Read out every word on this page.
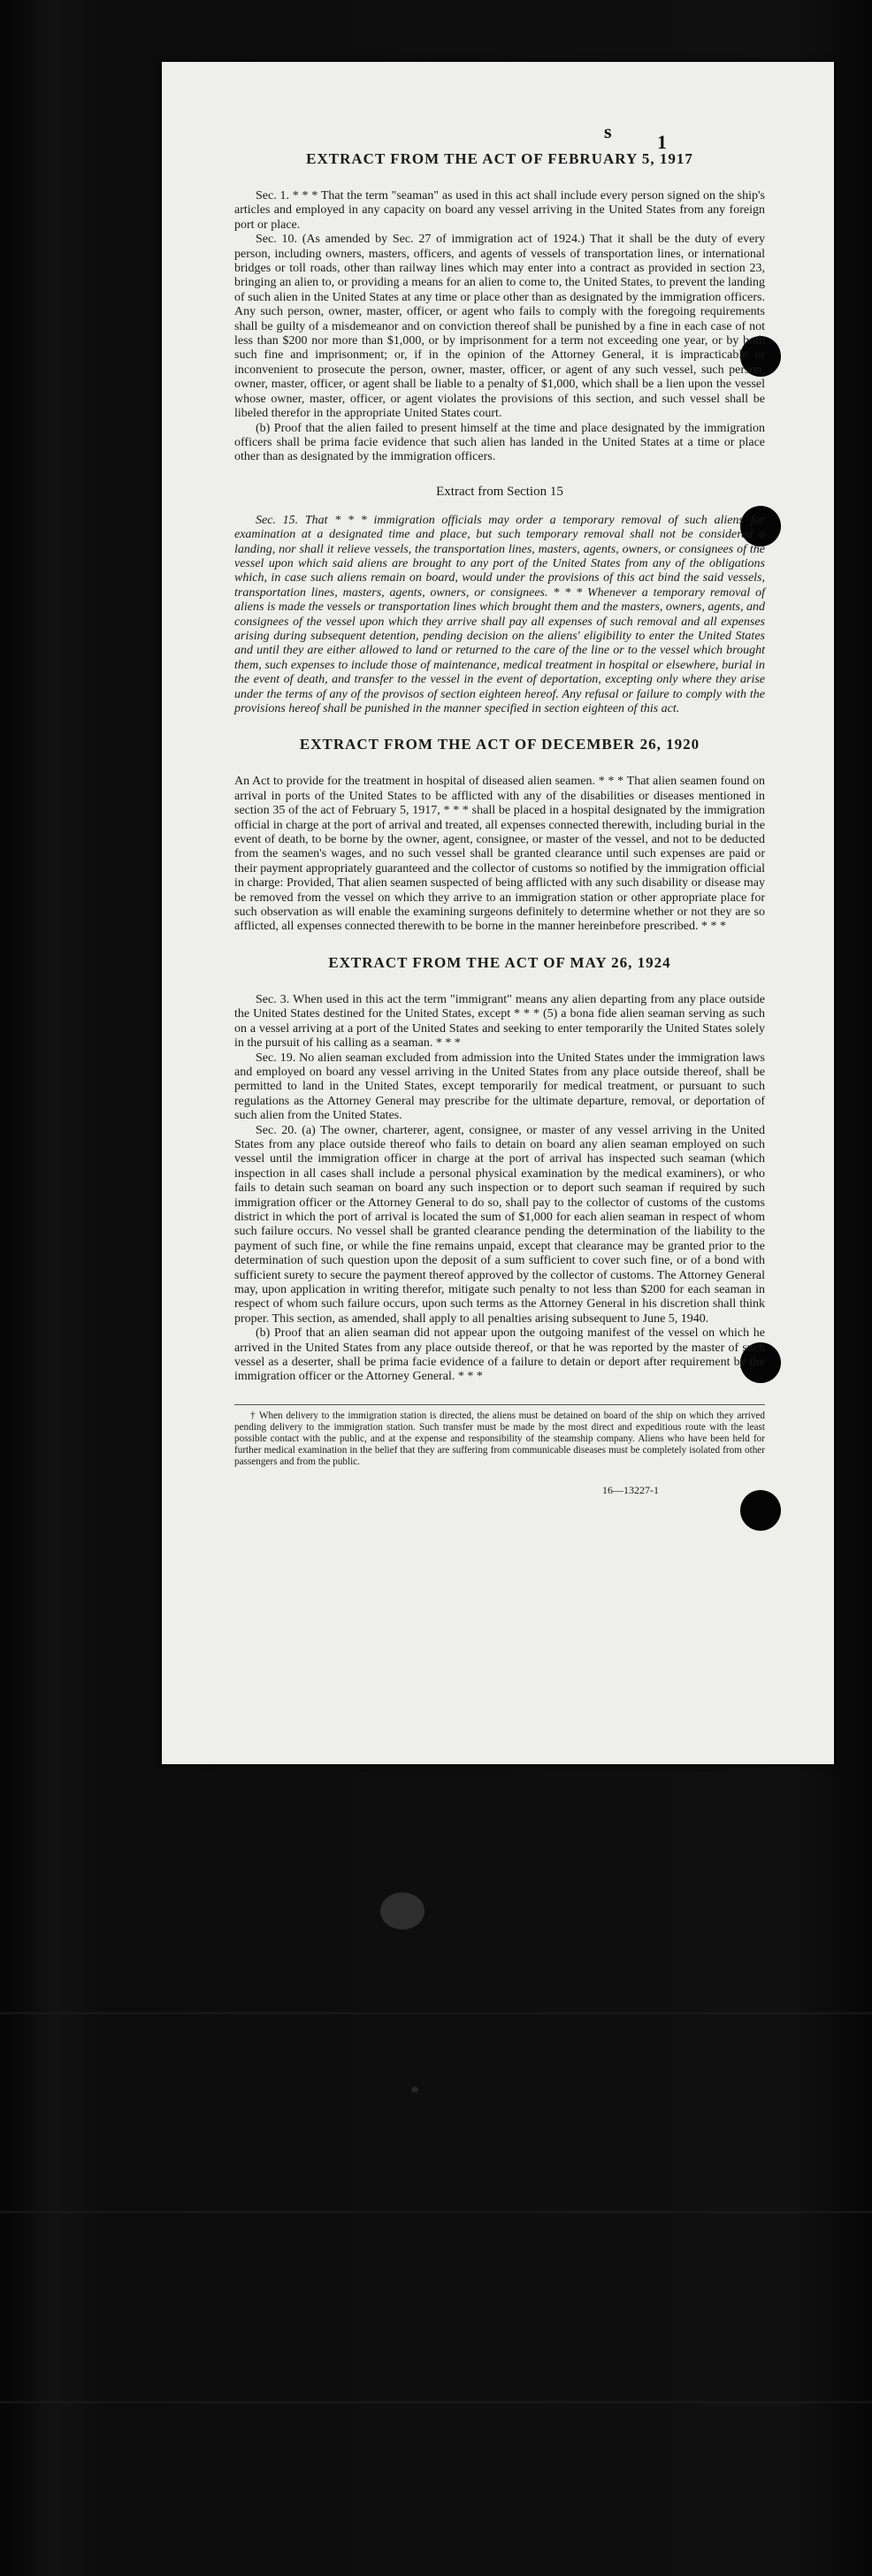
s 1
EXTRACT FROM THE ACT OF FEBRUARY 5, 1917

Sec. 1. * * * That the term "seaman" as used in this act shall include every person signed on the ship's articles and employed in any capacity on board any vessel arriving in the United States from any foreign port or place.

Sec. 10. (As amended by Sec. 27 of immigration act of 1924.) That it shall be the duty of every person, including owners, masters, officers, and agents of vessels of transportation lines, or international bridges or toll roads, other than railway lines which may enter into a contract as provided in section 23, bringing an alien to, or providing a means for an alien to come to, the United States, to prevent the landing of such alien in the United States at any time or place other than as designated by the immigration officers. Any such person, owner, master, officer, or agent who fails to comply with the foregoing requirements shall be guilty of a misdemeanor and on conviction thereof shall be punished by a fine in each case of not less than $200 nor more than $1,000, or by imprisonment for a term not exceeding one year, or by both such fine and imprisonment; or, if in the opinion of the Attorney General, it is impracticable or inconvenient to prosecute the person, owner, master, officer, or agent of any such vessel, such person, owner, master, officer, or agent shall be liable to a penalty of $1,000, which shall be a lien upon the vessel whose owner, master, officer, or agent violates the provisions of this section, and such vessel shall be libeled therefor in the appropriate United States court.

(b) Proof that the alien failed to present himself at the time and place designated by the immigration officers shall be prima facie evidence that such alien has landed in the United States at a time or place other than as designated by the immigration officers.

Extract from Section 15

Sec. 15. That * * * immigration officials may order a temporary removal of such aliens for examination at a designated time and place, but such temporary removal shall not be considered a landing, nor shall it relieve vessels, the transportation lines, masters, agents, owners, or consignees of the vessel upon which said aliens are brought to any port of the United States from any of the obligations which, in case such aliens remain on board, would under the provisions of this act bind the said vessels, transportation lines, masters, agents, owners, or consignees. * * * Whenever a temporary removal of aliens is made the vessels or transportation lines which brought them and the masters, owners, agents, and consignees of the vessel upon which they arrive shall pay all expenses of such removal and all expenses arising during subsequent detention, pending decision on the aliens' eligibility to enter the United States and until they are either allowed to land or returned to the care of the line or to the vessel which brought them, such expenses to include those of maintenance, medical treatment in hospital or elsewhere, burial in the event of death, and transfer to the vessel in the event of deportation, excepting only where they arise under the terms of any of the provisos of section eighteen hereof. Any refusal or failure to comply with the provisions hereof shall be punished in the manner specified in section eighteen of this act.

EXTRACT FROM THE ACT OF DECEMBER 26, 1920

An Act to provide for the treatment in hospital of diseased alien seamen. * * * That alien seamen found on arrival in ports of the United States to be afflicted with any of the disabilities or diseases mentioned in section 35 of the act of February 5, 1917, * * * shall be placed in a hospital designated by the immigration official in charge at the port of arrival and treated, all expenses connected therewith, including burial in the event of death, to be borne by the owner, agent, consignee, or master of the vessel, and not to be deducted from the seamen's wages, and no such vessel shall be granted clearance until such expenses are paid or their payment appropriately guaranteed and the collector of customs so notified by the immigration official in charge: Provided, That alien seamen suspected of being afflicted with any such disability or disease may be removed from the vessel on which they arrive to an immigration station or other appropriate place for such observation as will enable the examining surgeons definitely to determine whether or not they are so afflicted, all expenses connected therewith to be borne in the manner hereinbefore prescribed. * * *

EXTRACT FROM THE ACT OF MAY 26, 1924

Sec. 3. When used in this act the term "immigrant" means any alien departing from any place outside the United States destined for the United States, except * * * (5) a bona fide alien seaman serving as such on a vessel arriving at a port of the United States and seeking to enter temporarily the United States solely in the pursuit of his calling as a seaman. * * *

Sec. 19. No alien seaman excluded from admission into the United States under the immigration laws and employed on board any vessel arriving in the United States from any place outside thereof, shall be permitted to land in the United States, except temporarily for medical treatment, or pursuant to such regulations as the Attorney General may prescribe for the ultimate departure, removal, or deportation of such alien from the United States.

Sec. 20. (a) The owner, charterer, agent, consignee, or master of any vessel arriving in the United States from any place outside thereof who fails to detain on board any alien seaman employed on such vessel until the immigration officer in charge at the port of arrival has inspected such seaman (which inspection in all cases shall include a personal physical examination by the medical examiners), or who fails to detain such seaman on board any such inspection or to deport such seaman if required by such immigration officer or the Attorney General to do so, shall pay to the collector of customs of the customs district in which the port of arrival is located the sum of $1,000 for each alien seaman in respect of whom such failure occurs. No vessel shall be granted clearance pending the determination of the liability to the payment of such fine, or while the fine remains unpaid, except that clearance may be granted prior to the determination of such question upon the deposit of a sum sufficient to cover such fine, or of a bond with sufficient surety to secure the payment thereof approved by the collector of customs. The Attorney General may, upon application in writing therefor, mitigate such penalty to not less than $200 for each seaman in respect of whom such failure occurs, upon such terms as the Attorney General in his discretion shall think proper. This section, as amended, shall apply to all penalties arising subsequent to June 5, 1940.

(b) Proof that an alien seaman did not appear upon the outgoing manifest of the vessel on which he arrived in the United States from any place outside thereof, or that he was reported by the master of such vessel as a deserter, shall be prima facie evidence of a failure to detain or deport after requirement by the immigration officer or the Attorney General. * * *

† When delivery to the immigration station is directed, the aliens must be detained on board of the ship on which they arrived pending delivery to the immigration station. Such transfer must be made by the most direct and expeditious route with the least possible contact with the public, and at the expense and responsibility of the steamship company. Aliens who have been held for further medical examination in the belief that they are suffering from communicable diseases must be completely isolated from other passengers and from the public.

16—13227-1
